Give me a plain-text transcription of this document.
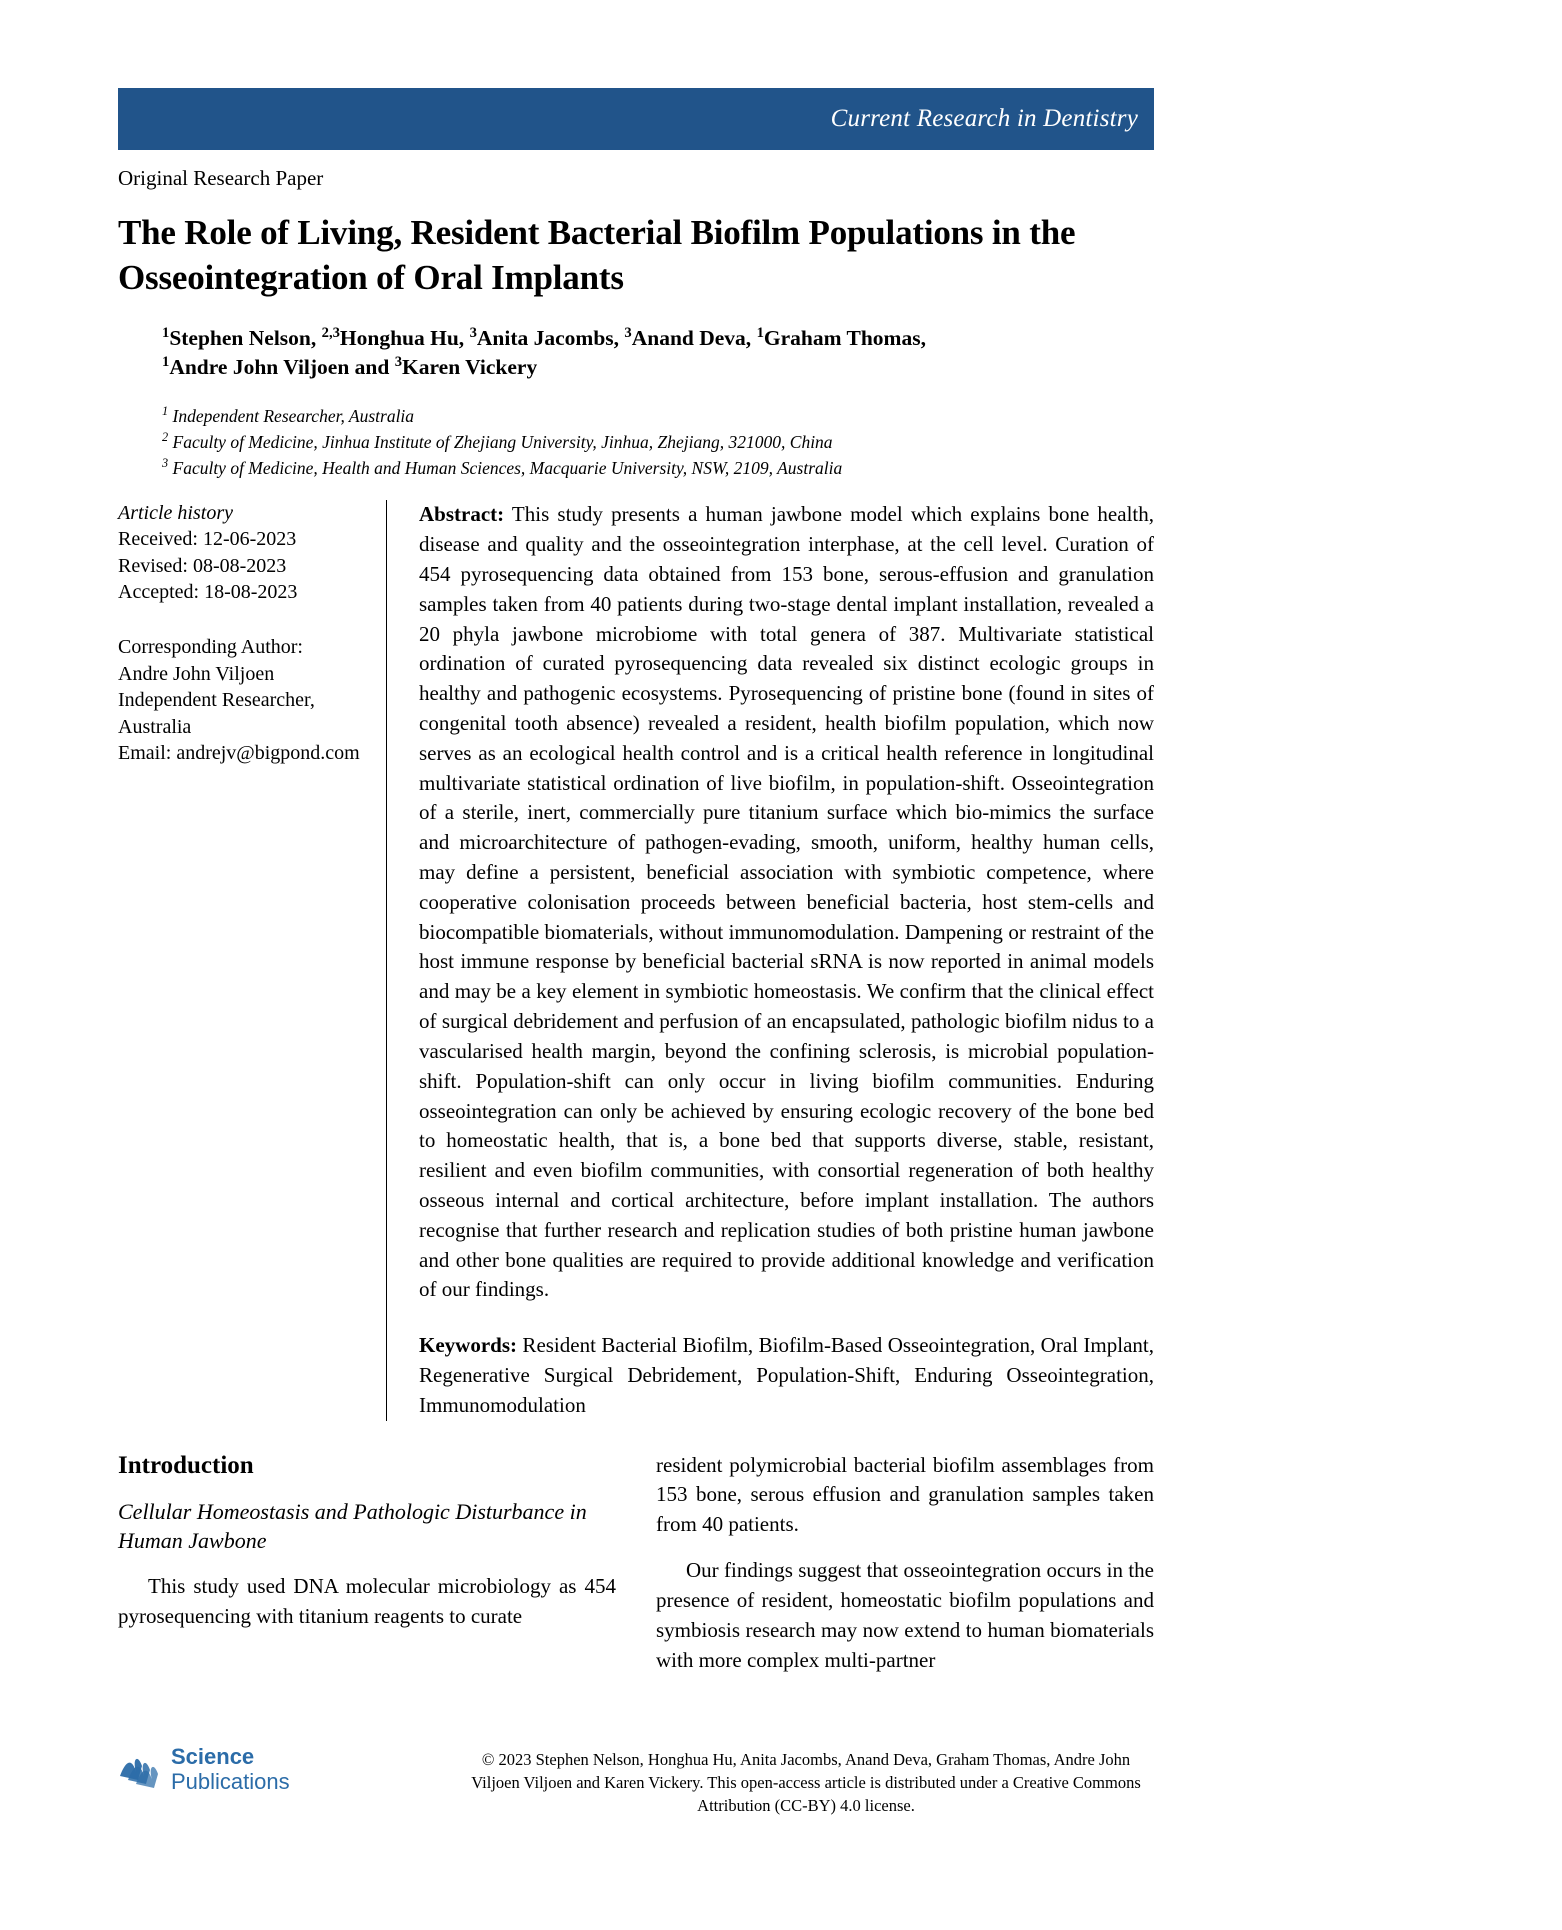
Current Research in Dentistry
Original Research Paper
The Role of Living, Resident Bacterial Biofilm Populations in the Osseointegration of Oral Implants
$^1$Stephen Nelson, $^{2,3}$Honghua Hu, $^3$Anita Jacombs, $^3$Anand Deva, $^1$Graham Thomas,
$^1$Andre John Viljoen and $^3$Karen Vickery
$^1$ Independent Researcher, Australia
$^2$ Faculty of Medicine, Jinhua Institute of Zhejiang University, Jinhua, Zhejiang, 321000, China
$^3$ Faculty of Medicine, Health and Human Sciences, Macquarie University, NSW, 2109, Australia
Article history
Received: 12-06-2023
Revised: 08-08-2023
Accepted: 18-08-2023
Corresponding Author:
Andre John Viljoen
Independent Researcher,
Australia
Email: andrejv@bigpond.com

Abstract: This study presents a human jawbone model which explains bone health, disease and quality and the osseointegration interphase, at the cell level. Curation of 454 pyrosequencing data obtained from 153 bone, serous-effusion and granulation samples taken from 40 patients during two-stage dental implant installation, revealed a 20 phyla jawbone microbiome with total genera of 387. Multivariate statistical ordination of curated pyrosequencing data revealed six distinct ecologic groups in healthy and pathogenic ecosystems. Pyrosequencing of pristine bone (found in sites of congenital tooth absence) revealed a resident, health biofilm population, which now serves as an ecological health control and is a critical health reference in longitudinal multivariate statistical ordination of live biofilm, in population-shift. Osseointegration of a sterile, inert, commercially pure titanium surface which bio-mimics the surface and microarchitecture of pathogen-evading, smooth, uniform, healthy human cells, may define a persistent, beneficial association with symbiotic competence, where cooperative colonisation proceeds between beneficial bacteria, host stem-cells and biocompatible biomaterials, without immunomodulation. Dampening or restraint of the host immune response by beneficial bacterial sRNA is now reported in animal models and may be a key element in symbiotic homeostasis. We confirm that the clinical effect of surgical debridement and perfusion of an encapsulated, pathologic biofilm nidus to a vascularised health margin, beyond the confining sclerosis, is microbial population-shift. Population-shift can only occur in living biofilm communities. Enduring osseointegration can only be achieved by ensuring ecologic recovery of the bone bed to homeostatic health, that is, a bone bed that supports diverse, stable, resistant, resilient and even biofilm communities, with consortial regeneration of both healthy osseous internal and cortical architecture, before implant installation. The authors recognise that further research and replication studies of both pristine human jawbone and other bone qualities are required to provide additional knowledge and verification of our findings.

Keywords: Resident Bacterial Biofilm, Biofilm-Based Osseointegration, Oral Implant, Regenerative Surgical Debridement, Population-Shift, Enduring Osseointegration, Immunomodulation

Introduction
Cellular Homeostasis and Pathologic Disturbance in Human Jawbone

This study used DNA molecular microbiology as 454 pyrosequencing with titanium reagents to curate

resident polymicrobial bacterial biofilm assemblages from 153 bone, serous effusion and granulation samples taken from 40 patients.

Our findings suggest that osseointegration occurs in the presence of resident, homeostatic biofilm populations and symbiosis research may now extend to human biomaterials with more complex multi-partner

Science
Publications
© 2023 Stephen Nelson, Honghua Hu, Anita Jacombs, Anand Deva, Graham Thomas, Andre John Viljoen Viljoen and Karen Vickery. This open-access article is distributed under a Creative Commons Attribution (CC-BY) 4.0 license.
